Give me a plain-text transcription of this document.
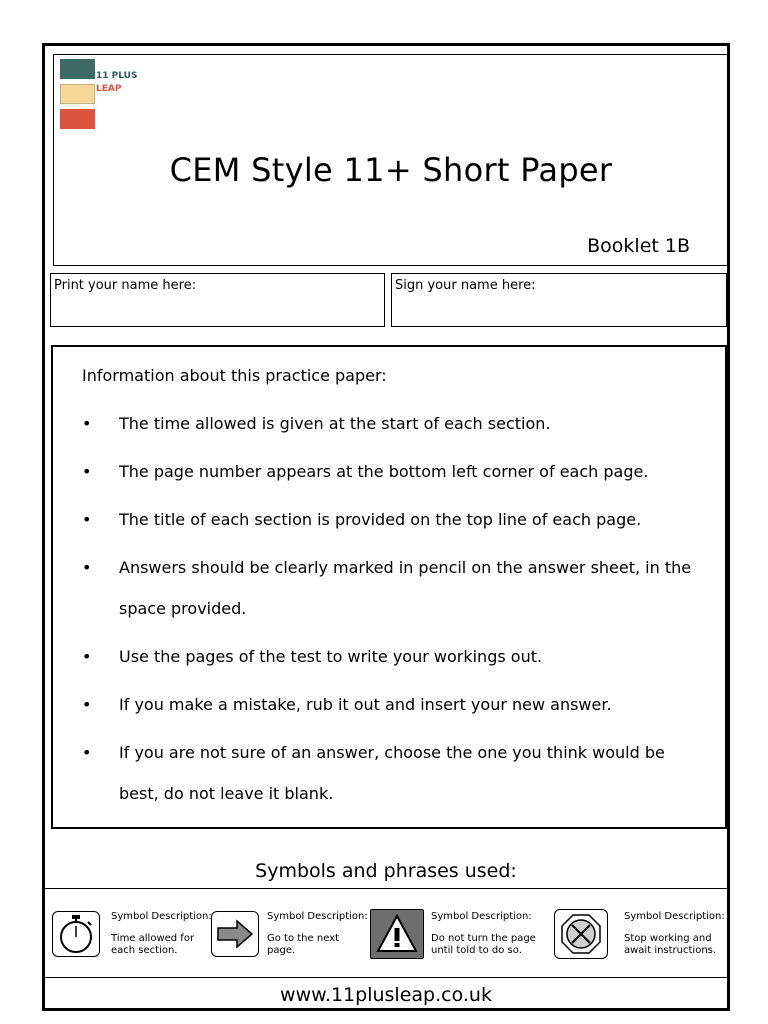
11 PLUS
LEAP
CEM Style 11+ Short Paper
Booklet 1B
Print your name here:	Sign your name here:
Information about this practice paper:
• The time allowed is given at the start of each section.

• The page number appears at the bottom left corner of each page.

• The title of each section is provided on the top line of each page.

• Answers should be clearly marked in pencil on the answer sheet, in the
space provided.
• Use the pages of the test to write your workings out.

• If you make a mistake, rub it out and insert your new answer.

• If you are not sure of an answer, choose the one you think would be
best, do not leave it blank.
Symbols and phrases used:
Symbol Description:
Time allowed for
each section.
Symbol Description:
Go to the next
page.
Symbol Description:
Do not turn the page
until told to do so.
Symbol Description:
Stop working and
await instructions.
www.11plusleap.co.uk
